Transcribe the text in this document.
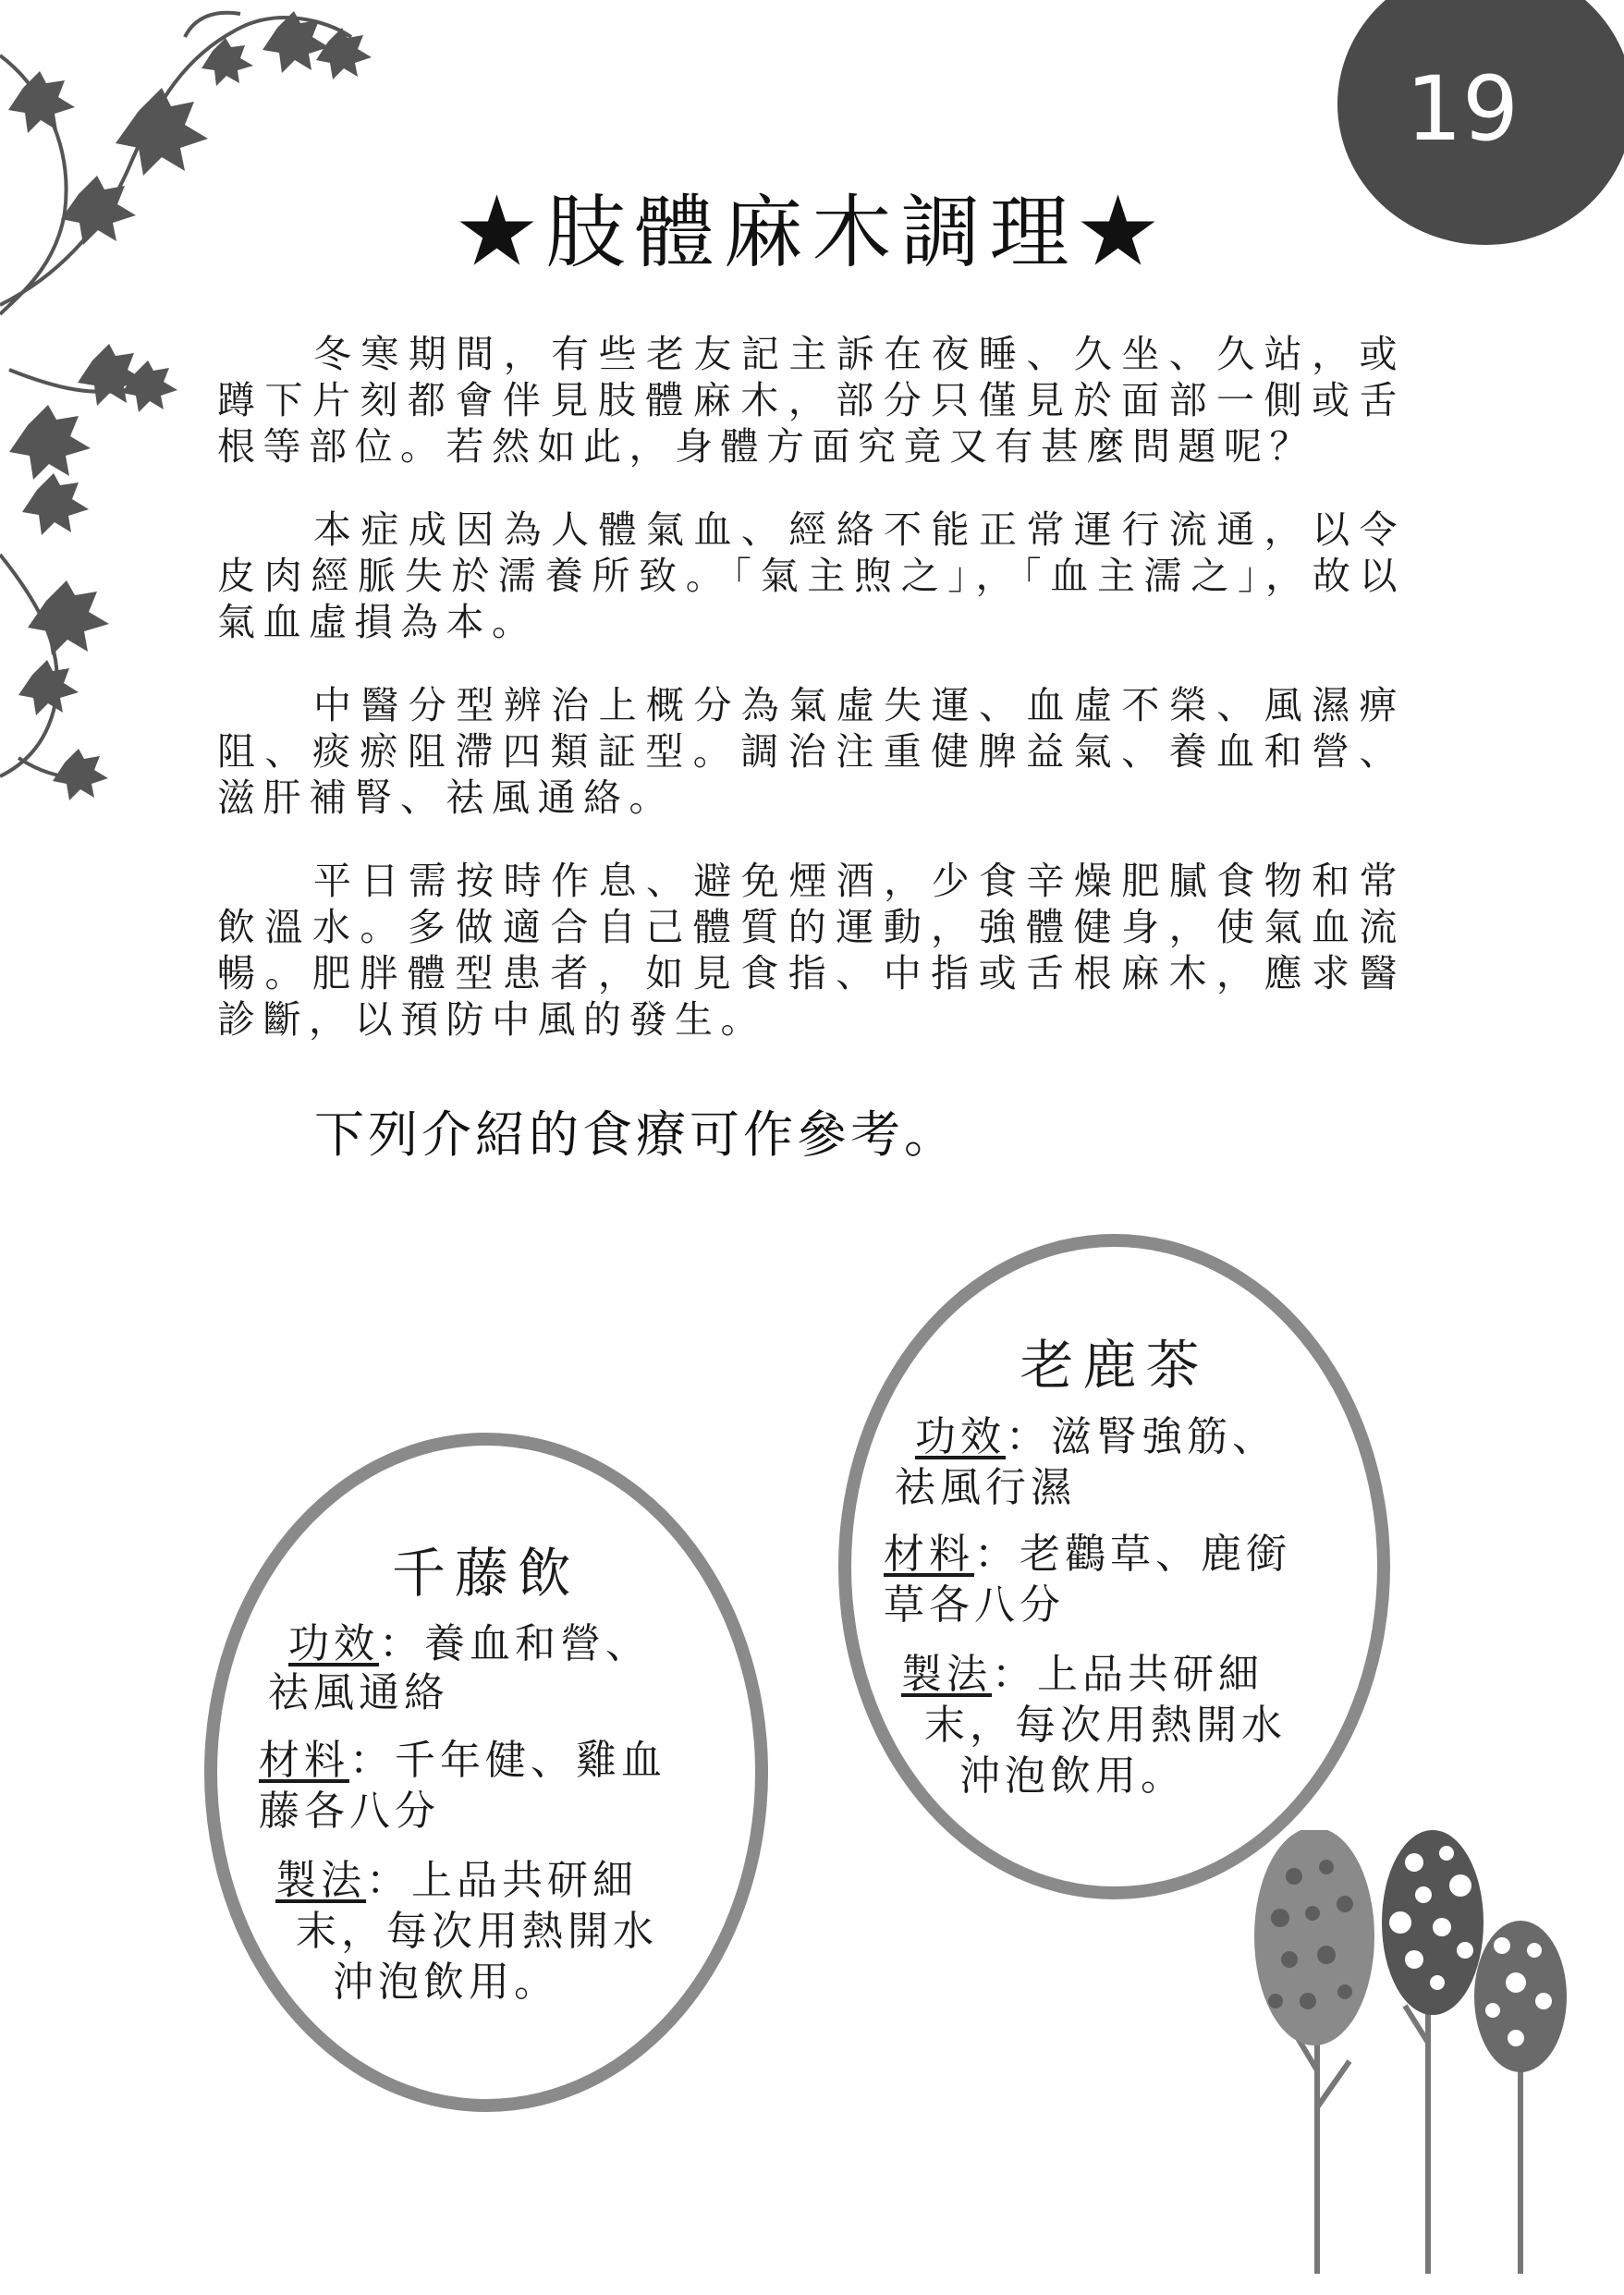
19
★肢體麻木調理★

冬寒期間，有些老友記主訴在夜睡、久坐、久站，或蹲下片刻都會伴見肢體麻木，部分只僅見於面部一側或舌根等部位。若然如此，身體方面究竟又有甚麼問題呢？

本症成因為人體氣血、經絡不能正常運行流通，以令皮肉經脈失於濡養所致。「氣主煦之」，「血主濡之」，故以氣血虛損為本。

中醫分型辨治上概分為氣虛失運、血虛不榮、風濕痹阻、痰瘀阻滯四類証型。調治注重健脾益氣、養血和營、滋肝補腎、祛風通絡。

平日需按時作息、避免煙酒，少食辛燥肥膩食物和常飲溫水。多做適合自己體質的運動，強體健身，使氣血流暢。肥胖體型患者，如見食指、中指或舌根麻木，應求醫診斷，以預防中風的發生。

下列介紹的食療可作參考。
千藤飲
功效：養血和營、
祛風通絡
材料：千年健、雞血
藤各八分
製法：上品共研細
末，每次用熱開水
沖泡飲用。
老鹿茶
功效：滋腎強筋、
祛風行濕
材料：老鸛草、鹿銜
草各八分
製法：上品共研細
末，每次用熱開水
沖泡飲用。
